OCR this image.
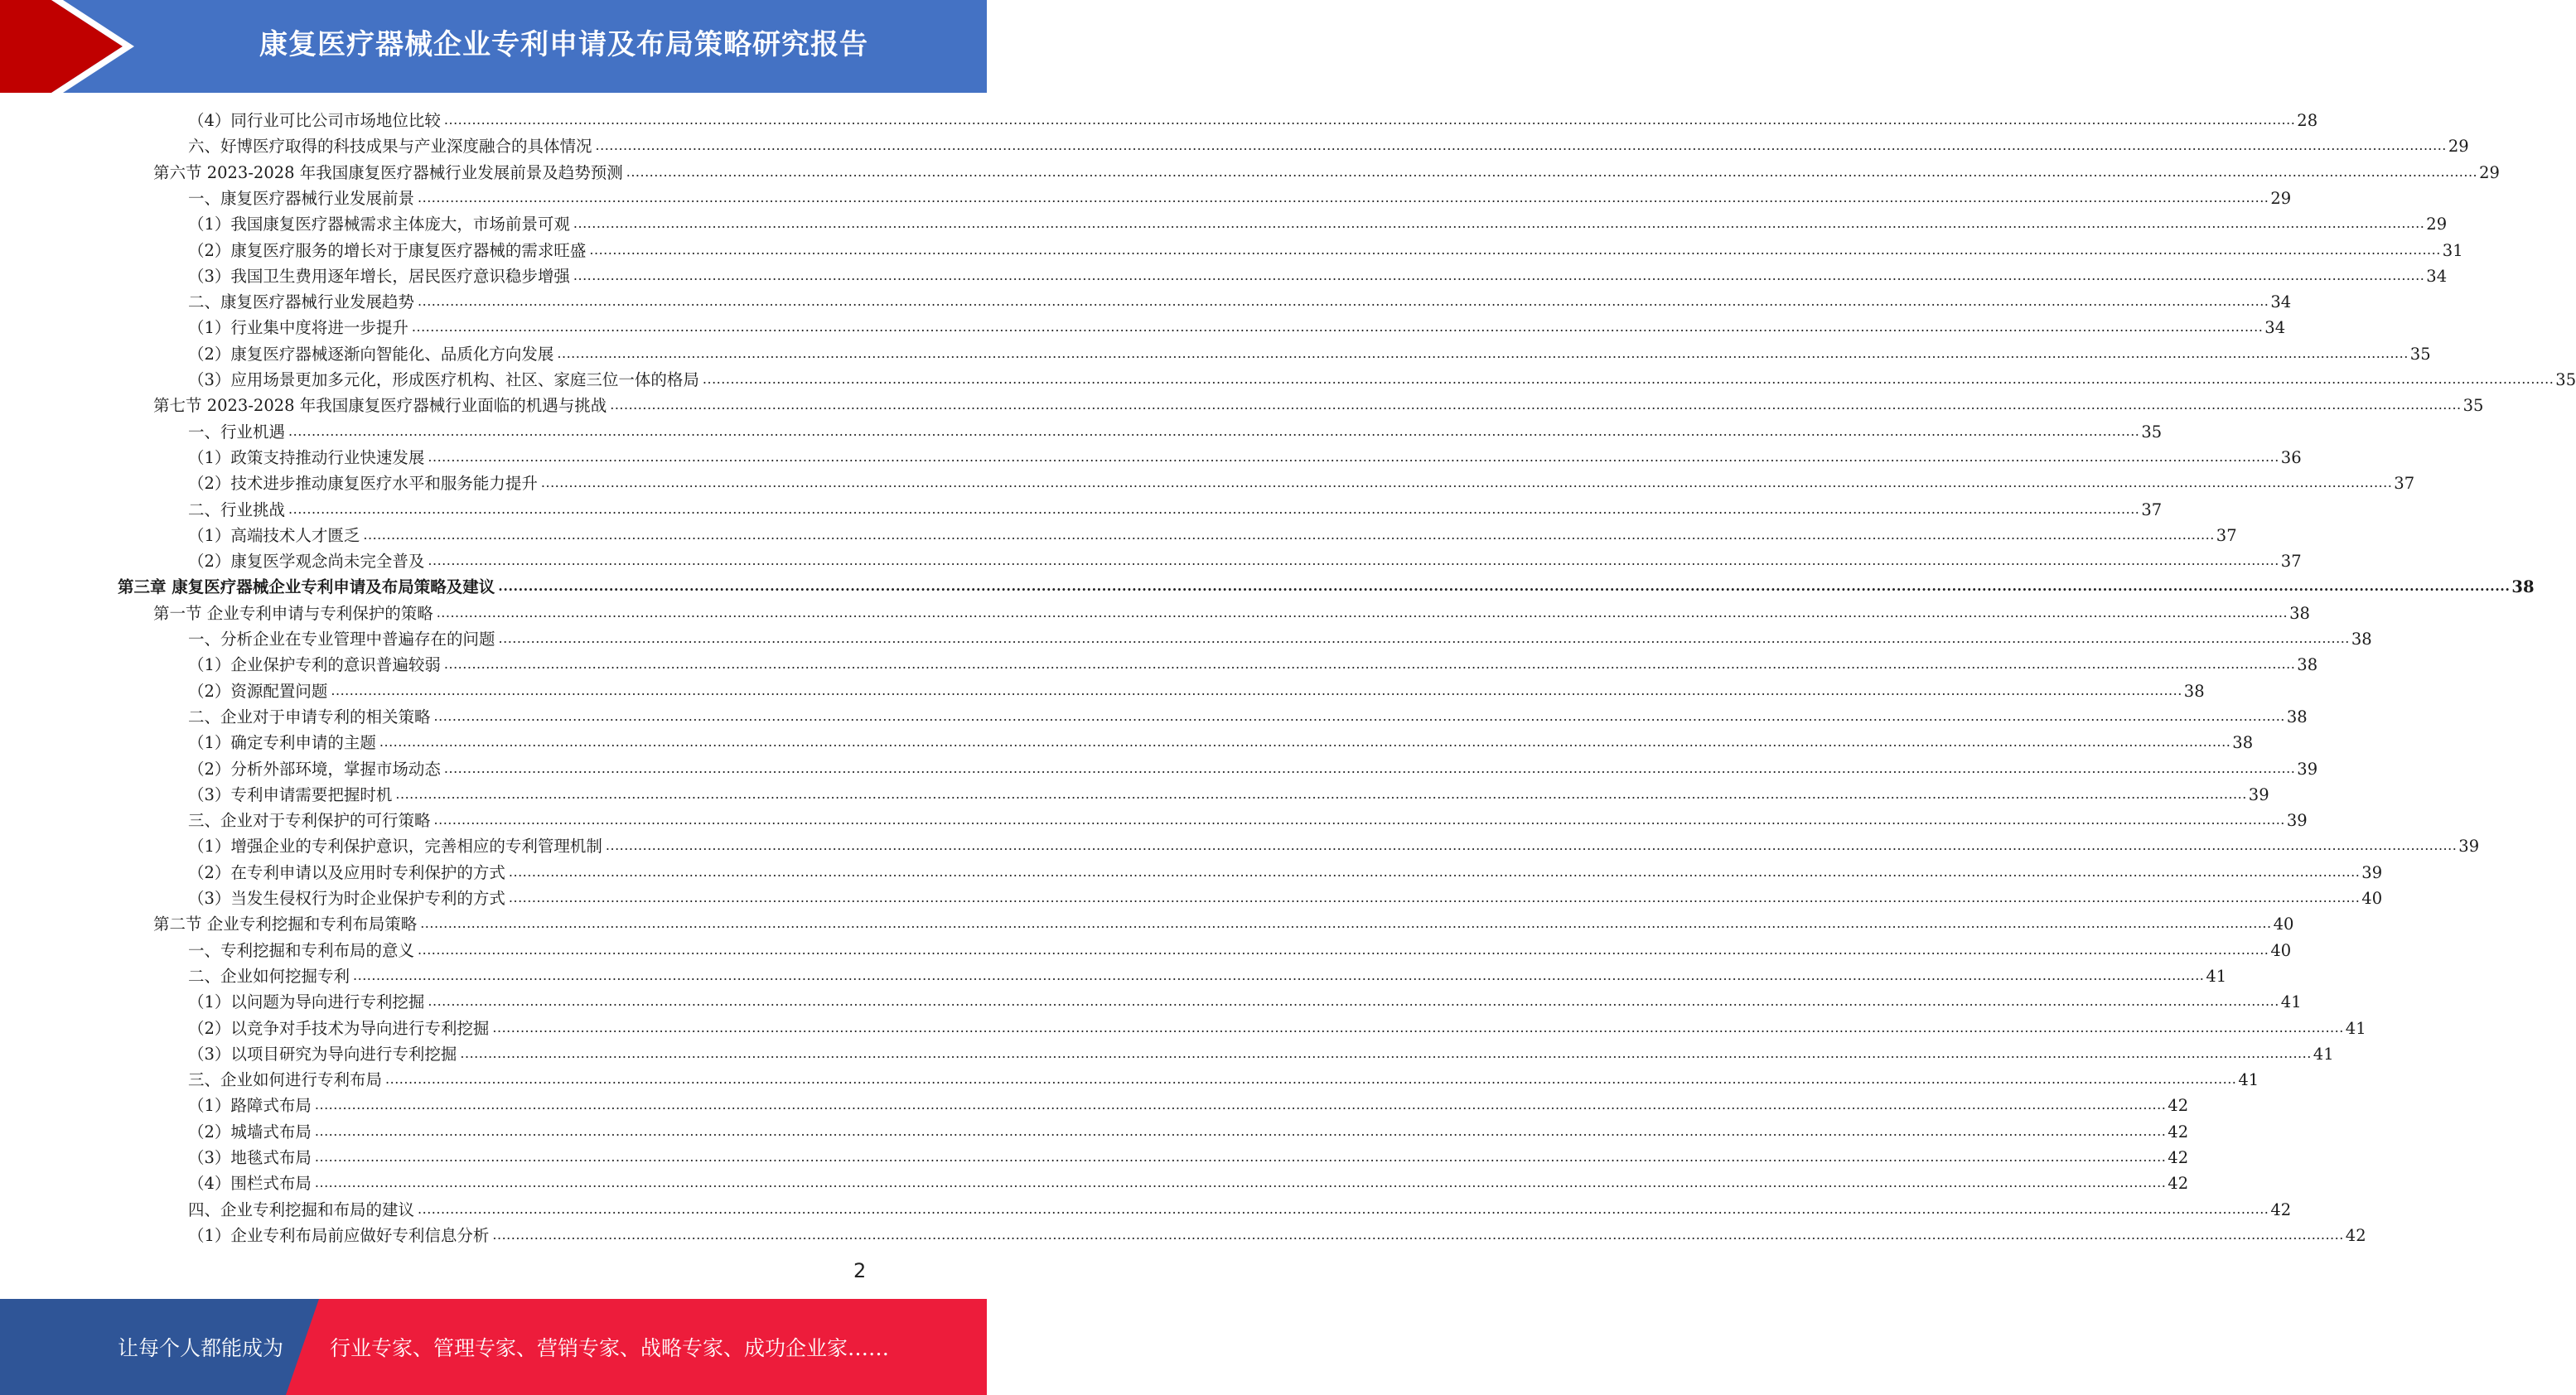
康复医疗器械企业专利申请及布局策略研究报告
（4）同行业可比公司市场地位比较 ................................................................................................................................................................................................................................................................................................................................................................................................................ 28
六、好博医疗取得的科技成果与产业深度融合的具体情况 ................................................................................................................................................................................................................................................................................................................................................................................................................ 29
第六节 2023-2028 年我国康复医疗器械行业发展前景及趋势预测 ................................................................................................................................................................................................................................................................................................................................................................................................................ 29
一、康复医疗器械行业发展前景 ................................................................................................................................................................................................................................................................................................................................................................................................................ 29
（1）我国康复医疗器械需求主体庞大，市场前景可观 ................................................................................................................................................................................................................................................................................................................................................................................................................ 29
（2）康复医疗服务的增长对于康复医疗器械的需求旺盛 ................................................................................................................................................................................................................................................................................................................................................................................................................ 31
（3）我国卫生费用逐年增长，居民医疗意识稳步增强 ................................................................................................................................................................................................................................................................................................................................................................................................................ 34
二、康复医疗器械行业发展趋势 ................................................................................................................................................................................................................................................................................................................................................................................................................ 34
（1）行业集中度将进一步提升 ................................................................................................................................................................................................................................................................................................................................................................................................................ 34
（2）康复医疗器械逐渐向智能化、品质化方向发展 ................................................................................................................................................................................................................................................................................................................................................................................................................ 35
（3）应用场景更加多元化，形成医疗机构、社区、家庭三位一体的格局 ................................................................................................................................................................................................................................................................................................................................................................................................................ 35
第七节 2023-2028 年我国康复医疗器械行业面临的机遇与挑战 ................................................................................................................................................................................................................................................................................................................................................................................................................ 35
一、行业机遇 ................................................................................................................................................................................................................................................................................................................................................................................................................ 35
（1）政策支持推动行业快速发展 ................................................................................................................................................................................................................................................................................................................................................................................................................ 36
（2）技术进步推动康复医疗水平和服务能力提升 ................................................................................................................................................................................................................................................................................................................................................................................................................ 37
二、行业挑战 ................................................................................................................................................................................................................................................................................................................................................................................................................ 37
（1）高端技术人才匮乏 ................................................................................................................................................................................................................................................................................................................................................................................................................ 37
（2）康复医学观念尚未完全普及 ................................................................................................................................................................................................................................................................................................................................................................................................................ 37
第三章 康复医疗器械企业专利申请及布局策略及建议 ................................................................................................................................................................................................................................................................................................................................................................................................................ 38
第一节 企业专利申请与专利保护的策略 ................................................................................................................................................................................................................................................................................................................................................................................................................ 38
一、分析企业在专业管理中普遍存在的问题 ................................................................................................................................................................................................................................................................................................................................................................................................................ 38
（1）企业保护专利的意识普遍较弱 ................................................................................................................................................................................................................................................................................................................................................................................................................ 38
（2）资源配置问题 ................................................................................................................................................................................................................................................................................................................................................................................................................ 38
二、企业对于申请专利的相关策略 ................................................................................................................................................................................................................................................................................................................................................................................................................ 38
（1）确定专利申请的主题 ................................................................................................................................................................................................................................................................................................................................................................................................................ 38
（2）分析外部环境，掌握市场动态 ................................................................................................................................................................................................................................................................................................................................................................................................................ 39
（3）专利申请需要把握时机 ................................................................................................................................................................................................................................................................................................................................................................................................................ 39
三、企业对于专利保护的可行策略 ................................................................................................................................................................................................................................................................................................................................................................................................................ 39
（1）增强企业的专利保护意识，完善相应的专利管理机制 ................................................................................................................................................................................................................................................................................................................................................................................................................ 39
（2）在专利申请以及应用时专利保护的方式 ................................................................................................................................................................................................................................................................................................................................................................................................................ 39
（3）当发生侵权行为时企业保护专利的方式 ................................................................................................................................................................................................................................................................................................................................................................................................................ 40
第二节 企业专利挖掘和专利布局策略 ................................................................................................................................................................................................................................................................................................................................................................................................................ 40
一、专利挖掘和专利布局的意义 ................................................................................................................................................................................................................................................................................................................................................................................................................ 40
二、企业如何挖掘专利 ................................................................................................................................................................................................................................................................................................................................................................................................................ 41
（1）以问题为导向进行专利挖掘 ................................................................................................................................................................................................................................................................................................................................................................................................................ 41
（2）以竞争对手技术为导向进行专利挖掘 ................................................................................................................................................................................................................................................................................................................................................................................................................ 41
（3）以项目研究为导向进行专利挖掘 ................................................................................................................................................................................................................................................................................................................................................................................................................ 41
三、企业如何进行专利布局 ................................................................................................................................................................................................................................................................................................................................................................................................................ 41
（1）路障式布局 ................................................................................................................................................................................................................................................................................................................................................................................................................ 42
（2）城墙式布局 ................................................................................................................................................................................................................................................................................................................................................................................................................ 42
（3）地毯式布局 ................................................................................................................................................................................................................................................................................................................................................................................................................ 42
（4）围栏式布局 ................................................................................................................................................................................................................................................................................................................................................................................................................ 42
四、企业专利挖掘和布局的建议 ................................................................................................................................................................................................................................................................................................................................................................................................................ 42
（1）企业专利布局前应做好专利信息分析 ................................................................................................................................................................................................................................................................................................................................................................................................................ 42
2
让每个人都能成为 行业专家、管理专家、营销专家、战略专家、成功企业家……
